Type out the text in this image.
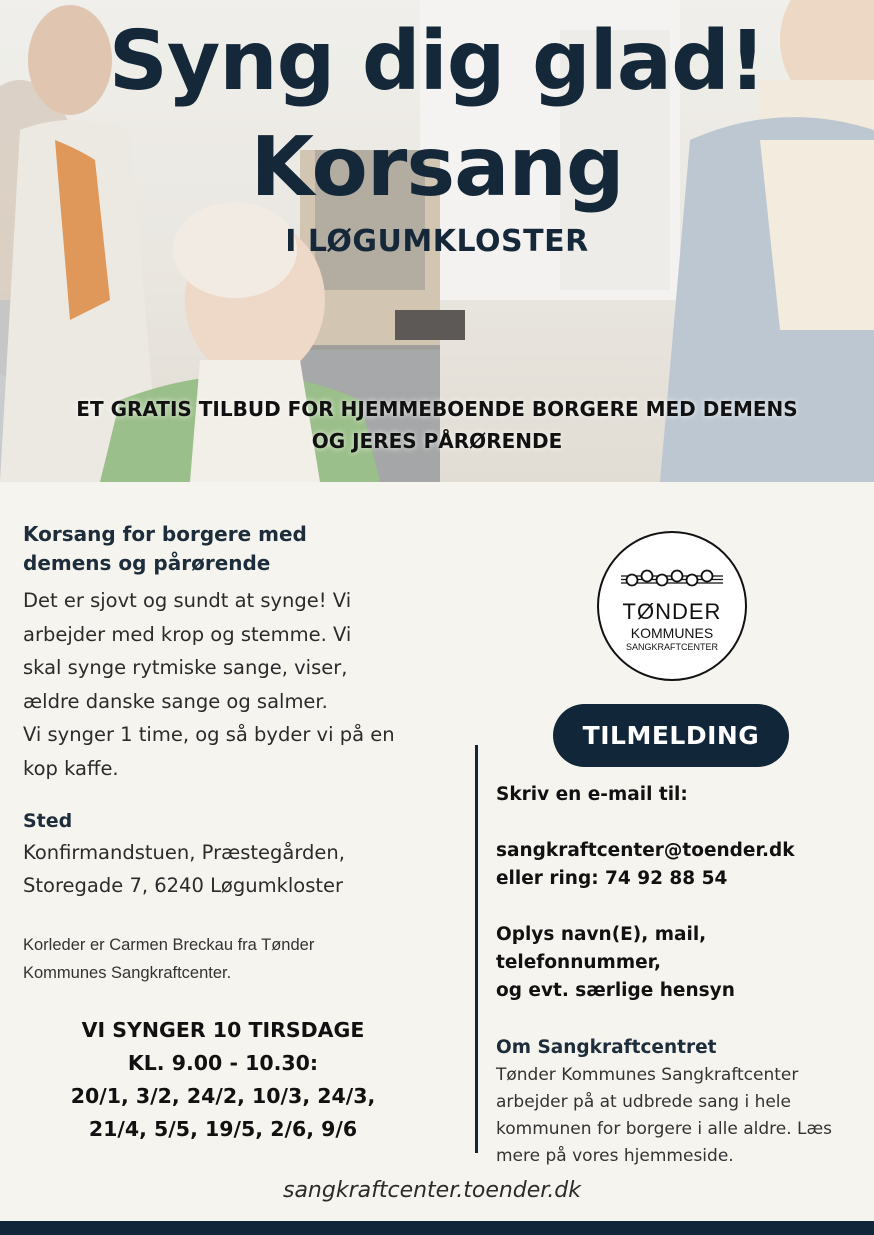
Syng dig glad!
Korsang
I LØGUMKLOSTER
ET GRATIS TILBUD FOR HJEMMEBOENDE BORGERE MED DEMENS
OG JERES PÅRØRENDE
Korsang for borgere med
demens og pårørende
Det er sjovt og sundt at synge! Vi
arbejder med krop og stemme. Vi
skal synge rytmiske sange, viser,
ældre danske sange og salmer.
Vi synger 1 time, og så byder vi på en
kop kaffe.
Sted
Konfirmandstuen, Præstegården,
Storegade 7, 6240 Løgumkloster
Korleder er Carmen Breckau fra Tønder
Kommunes Sangkraftcenter.
VI SYNGER 10 TIRSDAGE
KL. 9.00 - 10.30:
20/1, 3/2, 24/2, 10/3, 24/3,
21/4, 5/5, 19/5, 2/6, 9/6
TØNDER
KOMMUNES
SANGKRAFTCENTER
TILMELDING
Skriv en e-mail til:
sangkraftcenter@toender.dk
eller ring: 74 92 88 54
Oplys navn(E), mail,
telefonnummer,
og evt. særlige hensyn
Om Sangkraftcentret
Tønder Kommunes Sangkraftcenter
arbejder på at udbrede sang i hele
kommunen for borgere i alle aldre. Læs
mere på vores hjemmeside.
sangkraftcenter.toender.dk
